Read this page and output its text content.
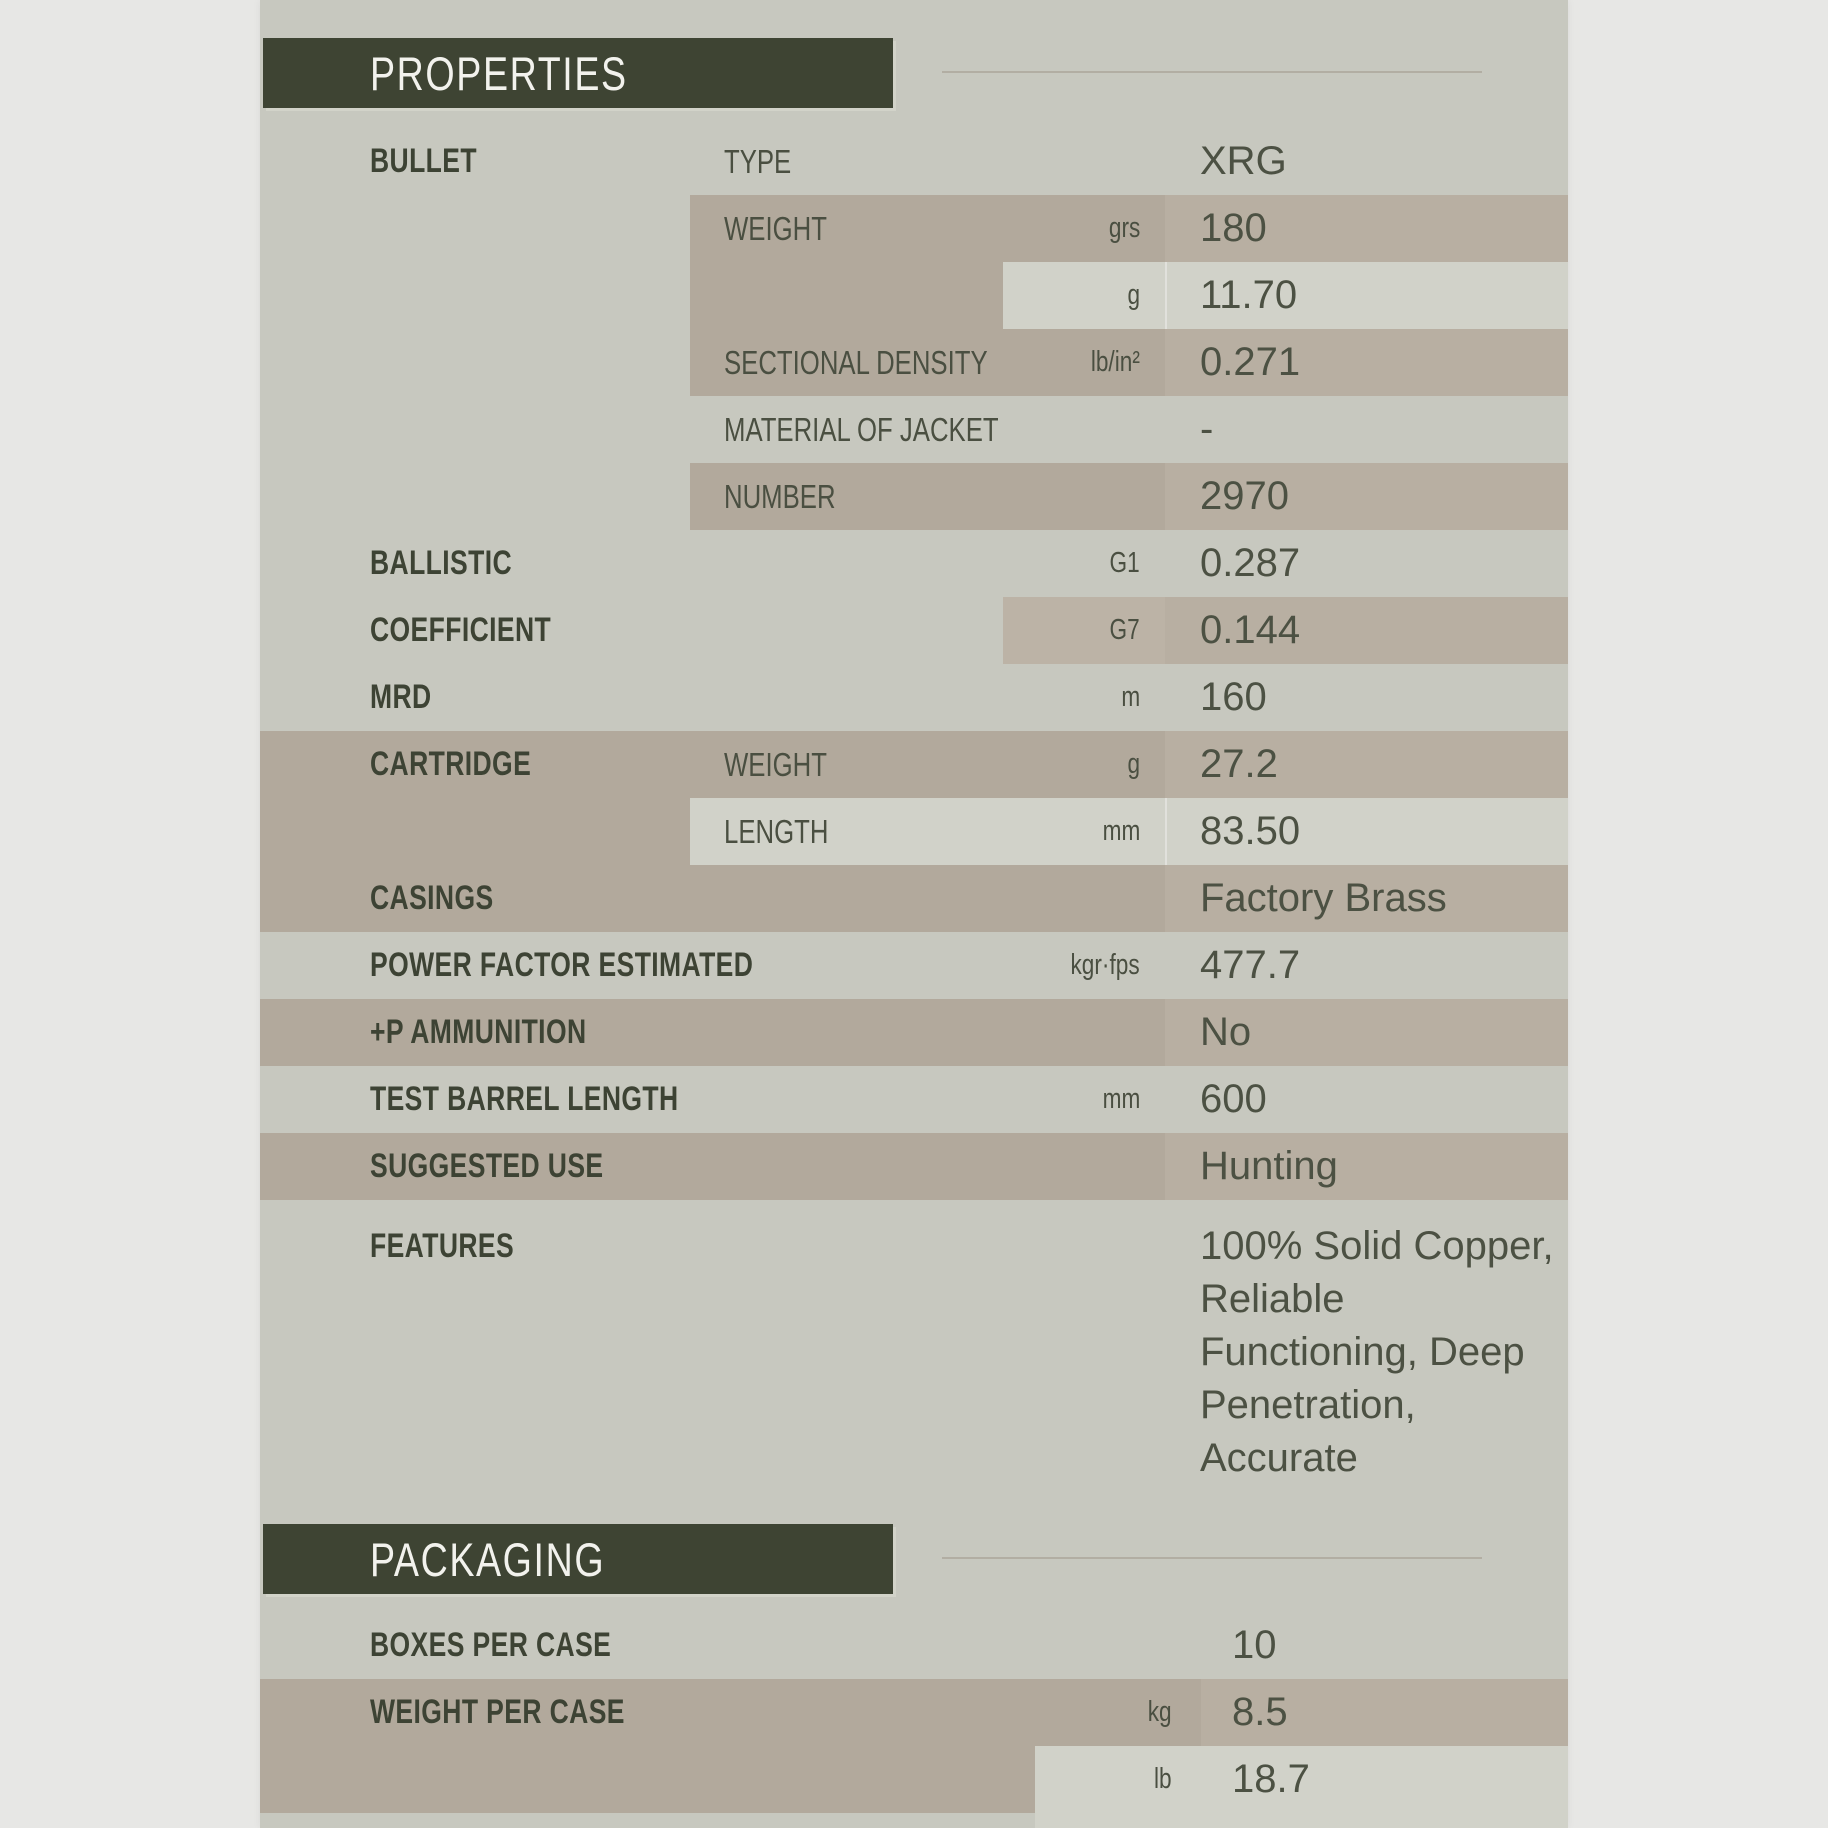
PROPERTIES
BULLET	TYPE	XRG
WEIGHT	grs 180
g 11.70
SECTIONAL DENSITY	lb/in² 0.271
MATERIAL OF JACKET	-
NUMBER	2970
BALLISTIC COEFFICIENT
G1 0.287
G7 0.144
MRD	m 160
CARTRIDGE	WEIGHT	g 27.2
LENGTH	mm 83.50
CASINGS	Factory Brass
POWER FACTOR ESTIMATED	kgr·fps 477.7
+P AMMUNITION	No
TEST BARREL LENGTH	mm 600
SUGGESTED USE	Hunting
FEATURES	100% Solid Copper,
Reliable
Functioning, Deep
Penetration,
Accurate
PACKAGING
BOXES PER CASE	10
WEIGHT PER CASE	kg 8.5
lb 18.7
